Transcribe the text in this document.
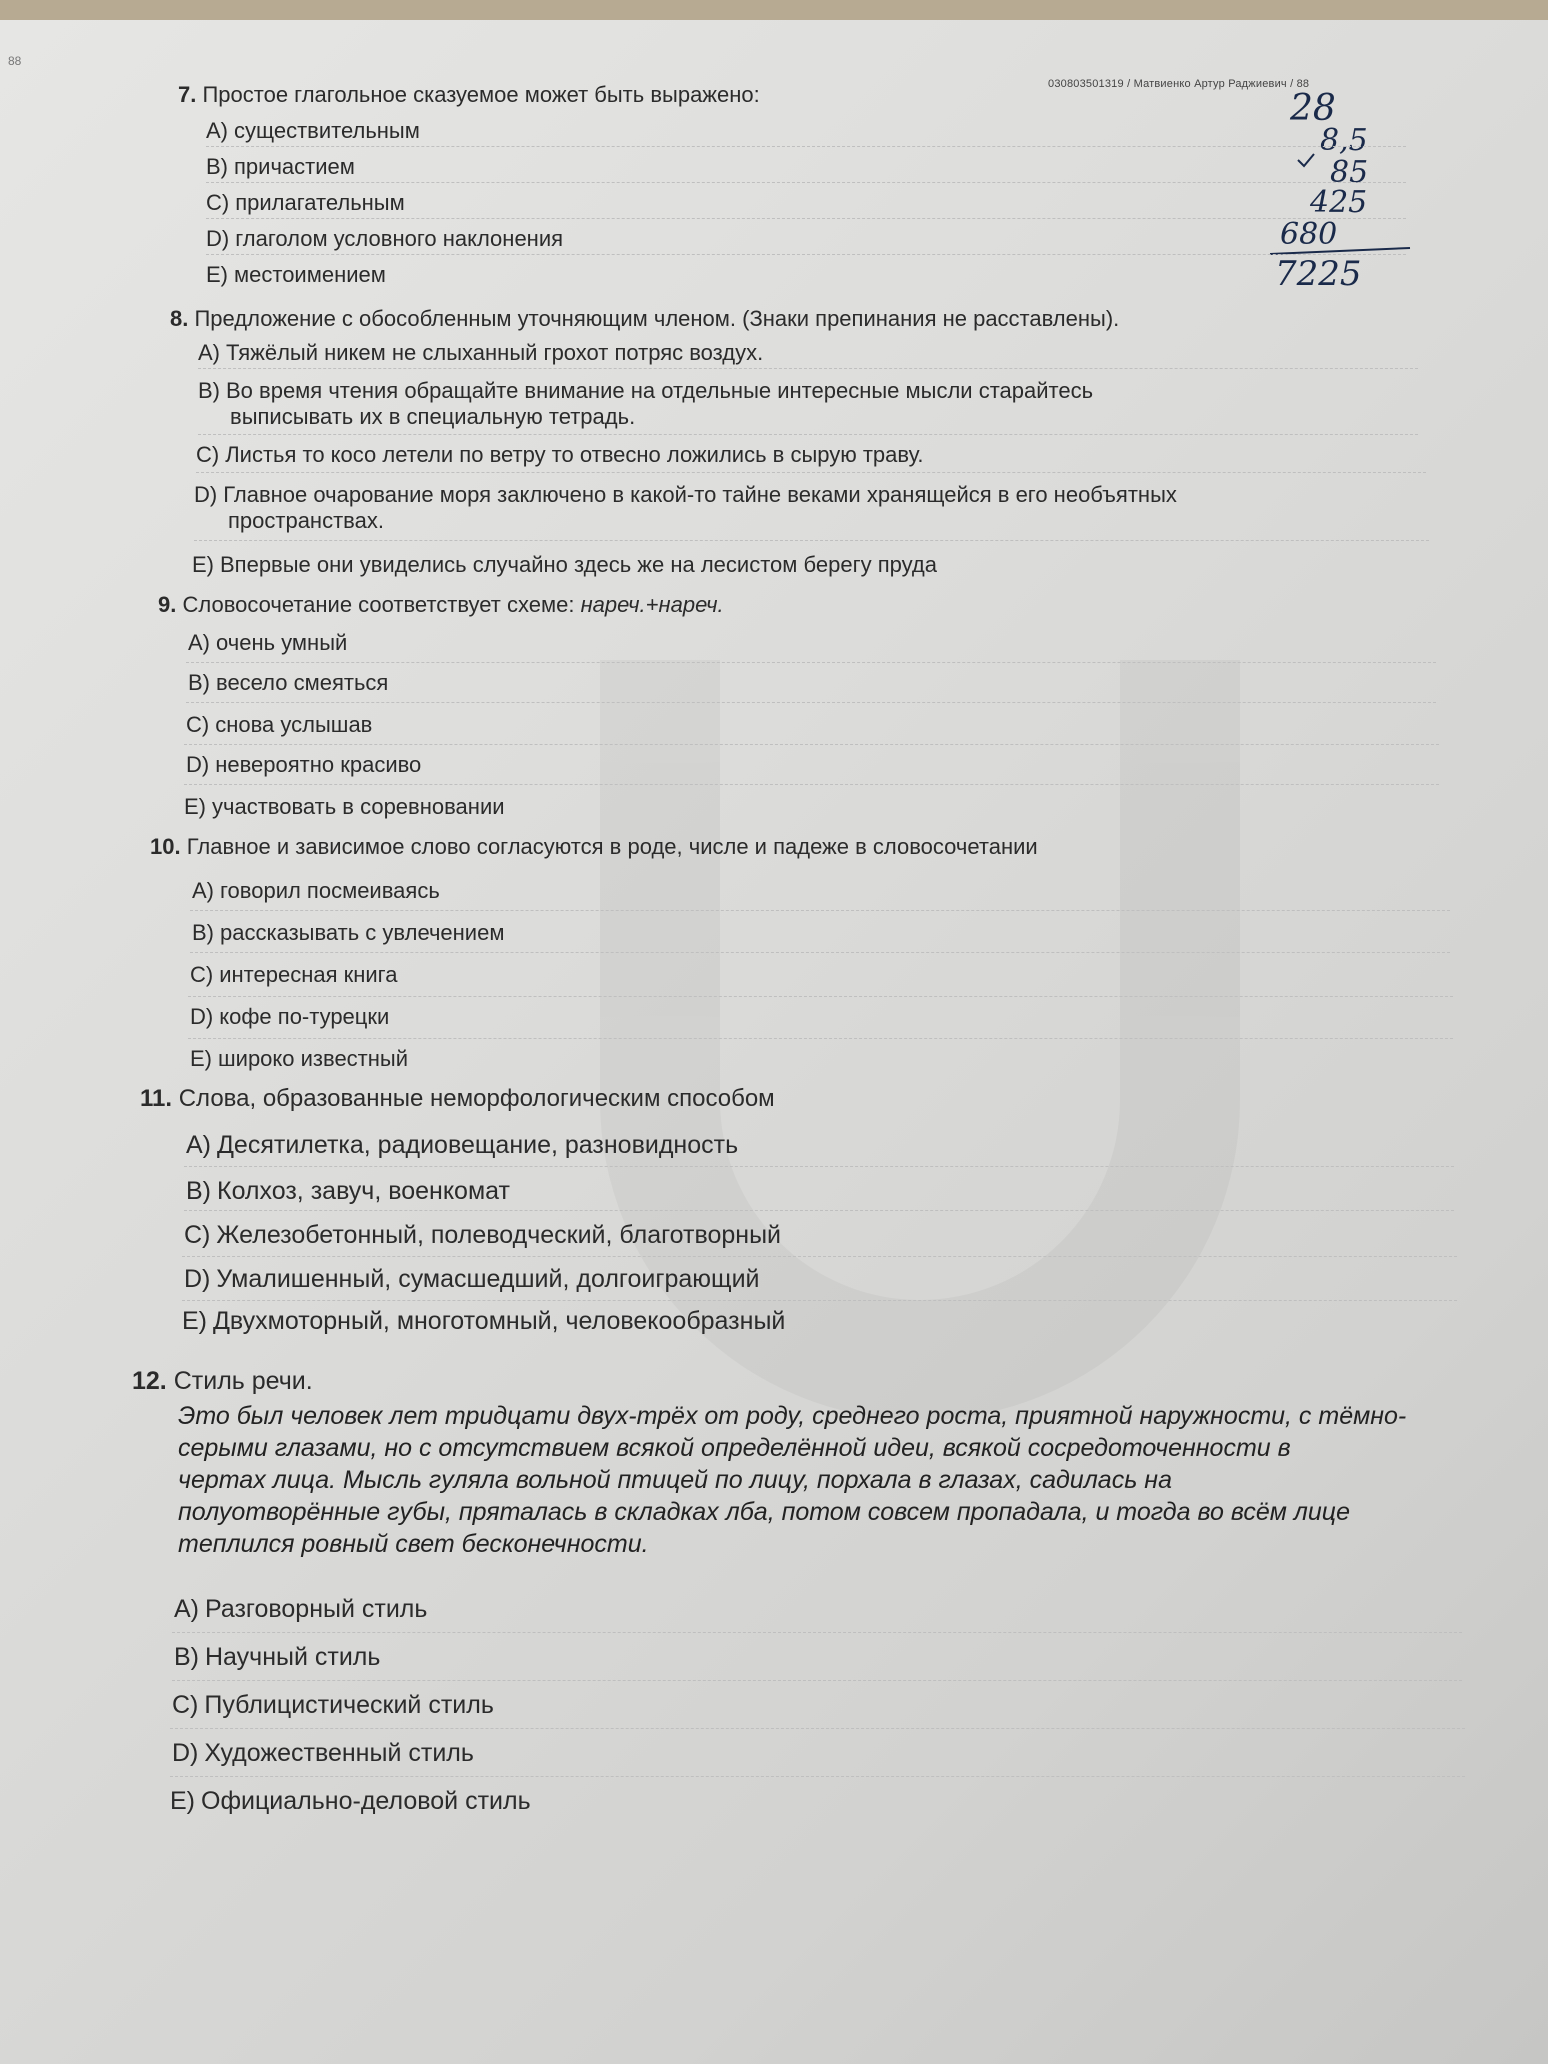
88
030803501319 / Матвиенко Артур Раджиевич / 88
28
8,5
85
425
680
7225
7. Простое глагольное сказуемое может быть выражено:
A) существительным
B) причастием
C) прилагательным
D) глаголом условного наклонения
E) местоимением
8. Предложение с обособленным уточняющим членом. (Знаки препинания не расставлены).
A) Тяжёлый никем не слыханный грохот потряс воздух.
B) Во время чтения обращайте внимание на отдельные интересные мысли старайтесь
выписывать их в специальную тетрадь.
C) Листья то косо летели по ветру то отвесно ложились в сырую траву.
D) Главное очарование моря заключено в какой-то тайне веками хранящейся в его необъятных
пространствах.
E) Впервые они увиделись случайно здесь же на лесистом берегу пруда
9. Словосочетание соответствует схеме: нареч.+нареч.
A) очень умный
B) весело смеяться
C) снова услышав
D) невероятно красиво
E) участвовать в соревновании
10. Главное и зависимое слово согласуются в роде, числе и падеже в словосочетании
A) говорил посмеиваясь
B) рассказывать с увлечением
C) интересная книга
D) кофе по-турецки
E) широко известный
11. Слова, образованные неморфологическим способом
A) Десятилетка, радиовещание, разновидность
B) Колхоз, завуч, военкомат
C) Железобетонный, полеводческий, благотворный
D) Умалишенный, сумасшедший, долгоиграющий
E) Двухмоторный, многотомный, человекообразный
12. Стиль речи.
Это был человек лет тридцати двух-трёх от роду, среднего роста, приятной наружности, с тёмно-
серыми глазами, но с отсутствием всякой определённой идеи, всякой сосредоточенности в
чертах лица. Мысль гуляла вольной птицей по лицу, порхала в глазах, садилась на
полуотворённые губы, пряталась в складках лба, потом совсем пропадала, и тогда во всём лице
теплился ровный свет бесконечности.
A) Разговорный стиль
B) Научный стиль
C) Публицистический стиль
D) Художественный стиль
E) Официально-деловой стиль
